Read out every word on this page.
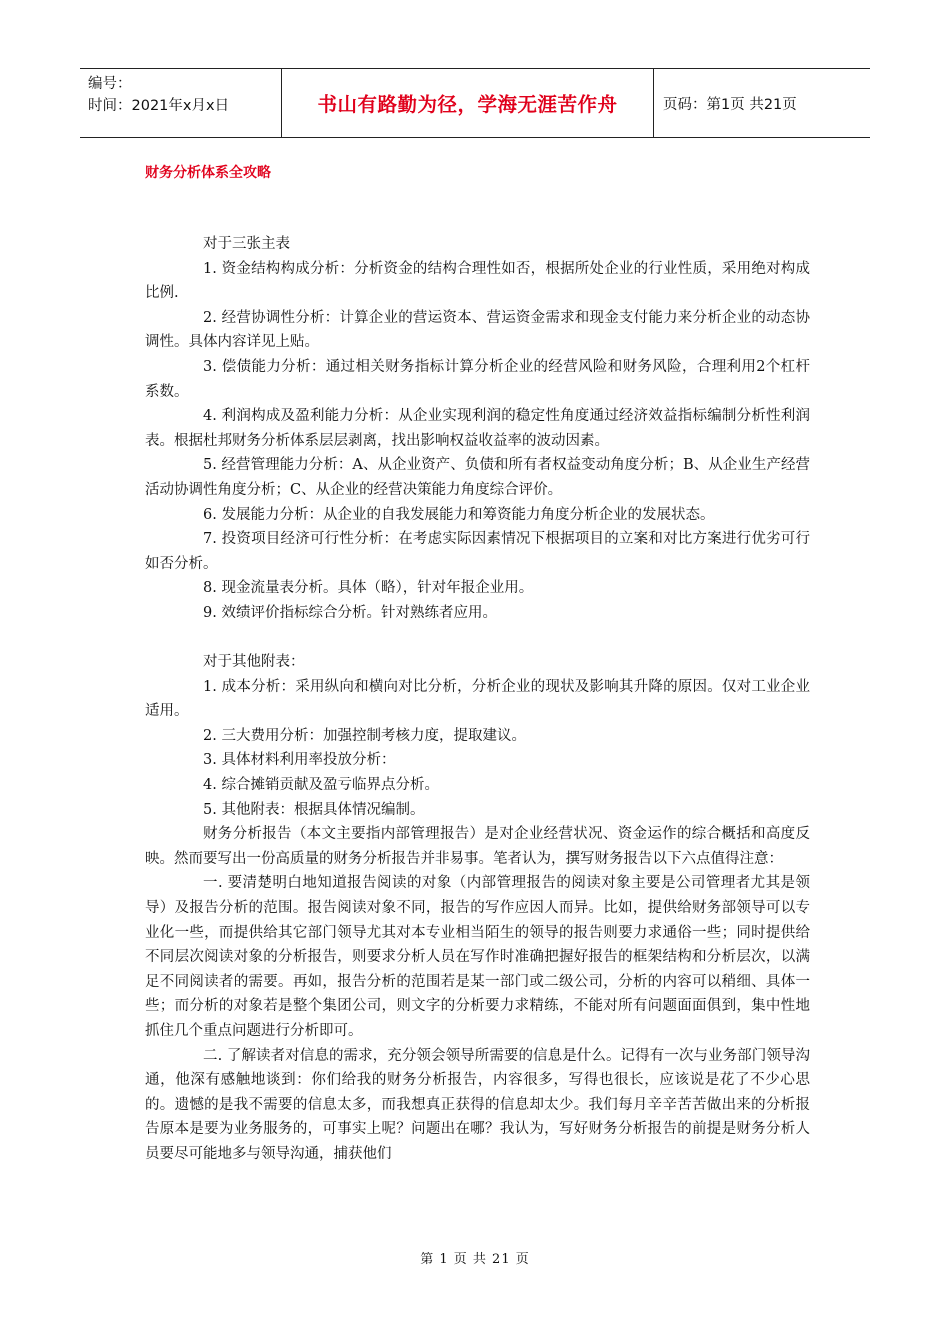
编号：
时间：2021年x月x日	书山有路勤为径，学海无涯苦作舟	页码：第1页 共21页
财务分析体系全攻略

对于三张主表

1. 资金结构构成分析：分析资金的结构合理性如否，根据所处企业的行业性质，采用绝对构成比例.

2. 经营协调性分析：计算企业的营运资本、营运资金需求和现金支付能力来分析企业的动态协调性。具体内容详见上贴。

3. 偿债能力分析：通过相关财务指标计算分析企业的经营风险和财务风险，合理利用2个杠杆系数。

4. 利润构成及盈利能力分析：从企业实现利润的稳定性角度通过经济效益指标编制分析性利润表。根据杜邦财务分析体系层层剥离，找出影响权益收益率的波动因素。

5. 经营管理能力分析：A、从企业资产、负债和所有者权益变动角度分析；B、从企业生产经营活动协调性角度分析；C、从企业的经营决策能力角度综合评价。

6. 发展能力分析：从企业的自我发展能力和筹资能力角度分析企业的发展状态。

7. 投资项目经济可行性分析：在考虑实际因素情况下根据项目的立案和对比方案进行优劣可行如否分析。

8. 现金流量表分析。具体（略），针对年报企业用。

9. 效绩评价指标综合分析。针对熟练者应用。

对于其他附表：

1. 成本分析：采用纵向和横向对比分析，分析企业的现状及影响其升降的原因。仅对工业企业适用。

2. 三大费用分析：加强控制考核力度，提取建议。

3. 具体材料利用率投放分析：

4. 综合摊销贡献及盈亏临界点分析。

5. 其他附表：根据具体情况编制。

财务分析报告（本文主要指内部管理报告）是对企业经营状况、资金运作的综合概括和高度反映。然而要写出一份高质量的财务分析报告并非易事。笔者认为，撰写财务报告以下六点值得注意：

一. 要清楚明白地知道报告阅读的对象（内部管理报告的阅读对象主要是公司管理者尤其是领导）及报告分析的范围。报告阅读对象不同，报告的写作应因人而异。比如，提供给财务部领导可以专业化一些，而提供给其它部门领导尤其对本专业相当陌生的领导的报告则要力求通俗一些；同时提供给不同层次阅读对象的分析报告，则要求分析人员在写作时准确把握好报告的框架结构和分析层次，以满足不同阅读者的需要。再如，报告分析的范围若是某一部门或二级公司，分析的内容可以稍细、具体一些；而分析的对象若是整个集团公司，则文字的分析要力求精练，不能对所有问题面面俱到，集中性地抓住几个重点问题进行分析即可。

二. 了解读者对信息的需求，充分领会领导所需要的信息是什么。记得有一次与业务部门领导沟通，他深有感触地谈到：你们给我的财务分析报告，内容很多，写得也很长，应该说是花了不少心思的。遗憾的是我不需要的信息太多，而我想真正获得的信息却太少。我们每月辛辛苦苦做出来的分析报告原本是要为业务服务的，可事实上呢？问题出在哪？我认为，写好财务分析报告的前提是财务分析人员要尽可能地多与领导沟通，捕获他们

第 1 页 共 21 页
